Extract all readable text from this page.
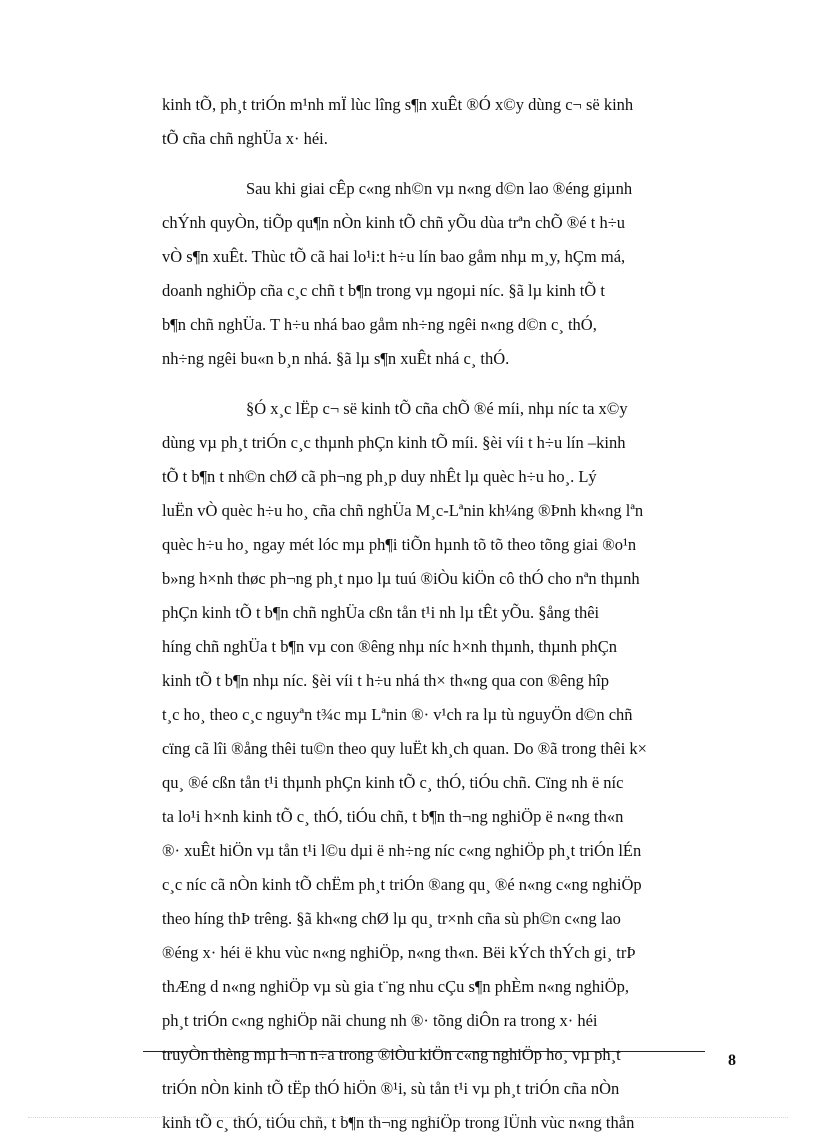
kinh tÕ, ph¸t triÓn m¹nh mÏ lùc lîng s¶n xuÊt ®Ó x©y dùng c¬ së kinh
tÕ cña chñ nghÜa x· héi.
Sau khi giai cÊp c«ng nh©n vµ n«ng d©n lao ®éng giµnh
chÝnh quyÒn, tiÕp qu¶n nÒn kinh tÕ chñ yÕu dùa trªn chÕ ®é t h÷u
vÒ s¶n xuÊt. Thùc tÕ cã hai lo¹i:t h÷u lín bao gåm nhµ m¸y, hÇm má,
doanh nghiÖp cña c¸c chñ t b¶n trong vµ ngoµi níc. §ã lµ kinh tÕ t
b¶n chñ nghÜa. T h÷u nhá bao gåm nh÷ng ngêi n«ng d©n c¸ thÓ,
nh÷ng ngêi bu«n b¸n nhá. §ã lµ s¶n xuÊt nhá c¸ thÓ.
§Ó x¸c lËp c¬ së kinh tÕ cña chÕ ®é míi, nhµ níc ta x©y
dùng vµ ph¸t triÓn c¸c thµnh phÇn kinh tÕ míi. §èi víi t h÷u lín –kinh
tÕ t b¶n t nh©n chØ cã ph¬ng ph¸p duy nhÊt lµ quèc h÷u ho¸. Lý
luËn vÒ quèc h÷u ho¸ cña chñ nghÜa M¸c-Lªnin kh¼ng ®Þnh kh«ng lªn
quèc h÷u ho¸ ngay mét lóc mµ ph¶i tiÕn hµnh tõ tõ theo tõng giai ®o¹n
b»ng h×nh thøc ph¬ng ph¸t nµo lµ tuú ®iÒu kiÖn cô thÓ cho nªn thµnh
phÇn kinh tÕ t b¶n chñ nghÜa cßn tån t¹i nh lµ tÊt yÕu. §ång thêi
híng chñ nghÜa t b¶n vµ con ®êng nhµ níc h×nh thµnh, thµnh phÇn
kinh tÕ t b¶n nhµ níc. §èi víi t h÷u nhá th× th«ng qua con ®êng hîp
t¸c ho¸ theo c¸c nguyªn t¾c mµ Lªnin ®· v¹ch ra lµ tù nguyÖn d©n chñ
cïng cã lîi ®ång thêi tu©n theo quy luËt kh¸ch quan. Do ®ã trong thêi k×
qu¸ ®é cßn tån t¹i thµnh phÇn kinh tÕ c¸ thÓ, tiÓu chñ. Cïng nh ë níc
ta lo¹i h×nh kinh tÕ c¸ thÓ, tiÓu chñ, t b¶n th¬ng nghiÖp ë n«ng th«n
®· xuÊt hiÖn vµ tån t¹i l©u dµi ë nh÷ng níc c«ng nghiÖp ph¸t triÓn lÉn
c¸c níc cã nÒn kinh tÕ chËm ph¸t triÓn ®ang qu¸ ®é n«ng c«ng nghiÖp
theo híng thÞ trêng. §ã kh«ng chØ lµ qu¸ tr×nh cña sù ph©n c«ng lao
®éng x· héi ë khu vùc n«ng nghiÖp, n«ng th«n. Bëi kÝch thÝch gi¸ trÞ
thÆng d n«ng nghiÖp vµ sù gia t¨ng nhu cÇu s¶n phÈm n«ng nghiÖp,
ph¸t triÓn c«ng nghiÖp nãi chung nh ®· tõng diÔn ra trong x· héi
truyÒn thèng mµ h¬n n÷a trong ®iÒu kiÖn c«ng nghiÖp ho¸ vµ ph¸t
triÓn nÒn kinh tÕ tËp thÓ hiÖn ®¹i, sù tån t¹i vµ ph¸t triÓn cña nÒn
kinh tÕ c¸ thÓ, tiÓu chñ, t b¶n th¬ng nghiÖp trong lÜnh vùc n«ng thån
8
